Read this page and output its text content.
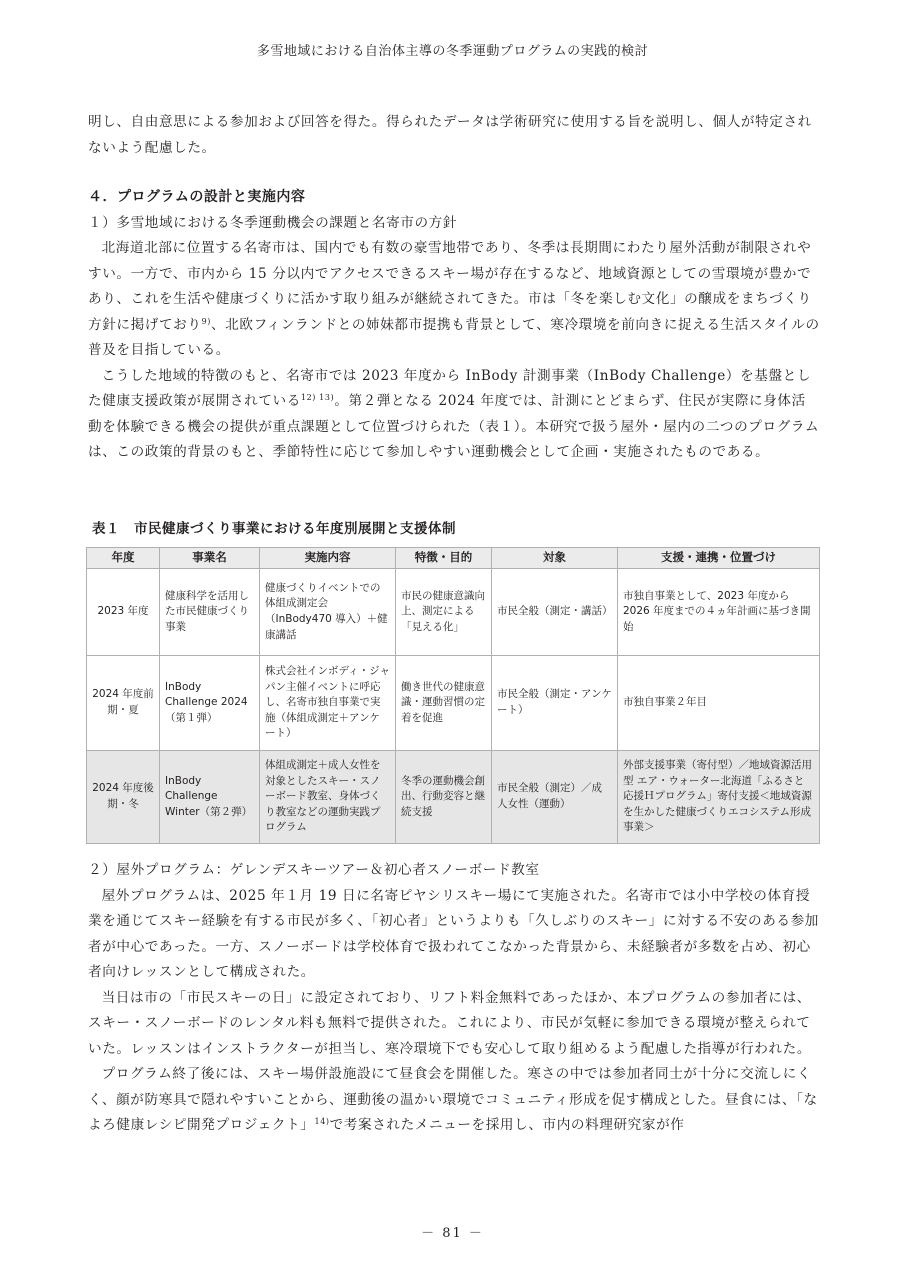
多雪地域における自治体主導の冬季運動プログラムの実践的検討

明し、自由意思による参加および回答を得た。得られたデータは学術研究に使用する旨を説明し、個人が特定されないよう配慮した。

４．プログラムの設計と実施内容

１）多雪地域における冬季運動機会の課題と名寄市の方針

北海道北部に位置する名寄市は、国内でも有数の豪雪地帯であり、冬季は長期間にわたり屋外活動が制限されやすい。一方で、市内から 15 分以内でアクセスできるスキー場が存在するなど、地域資源としての雪環境が豊かであり、これを生活や健康づくりに活かす取り組みが継続されてきた。市は「冬を楽しむ文化」の醸成をまちづくり方針に掲げており$^{9)}$、北欧フィンランドとの姉妹都市提携も背景として、寒冷環境を前向きに捉える生活スタイルの普及を目指している。

こうした地域的特徴のもと、名寄市では 2023 年度から InBody 計測事業（InBody Challenge）を基盤とした健康支援政策が展開されている$^{12) 13)}$。第２弾となる 2024 年度では、計測にとどまらず、住民が実際に身体活動を体験できる機会の提供が重点課題として位置づけられた（表１）。本研究で扱う屋外・屋内の二つのプログラムは、この政策的背景のもと、季節特性に応じて参加しやすい運動機会として企画・実施されたものである。

表１　市民健康づくり事業における年度別展開と支援体制
年度	事業名	実施内容	特徴・目的	対象	支援・連携・位置づけ
2023 年度	健康科学を活用した市民健康づくり事業	健康づくりイベントでの体組成測定会（InBody470 導入）＋健康講話	市民の健康意識向上、測定による「見える化」	市民全般（測定・講話）	市独自事業として、2023 年度から 2026 年度までの４ヵ年計画に基づき開始
2024 年度前期・夏	InBody Challenge 2024（第１弾）	株式会社インボディ・ジャパン主催イベントに呼応し、名寄市独自事業で実施（体組成測定＋アンケート）	働き世代の健康意識・運動習慣の定着を促進	市民全般（測定・アンケート）	市独自事業２年目
2024 年度後期・冬	InBody Challenge Winter（第２弾）	体組成測定＋成人女性を対象としたスキー・スノーボード教室、身体づくり教室などの運動実践プログラム	冬季の運動機会創出、行動変容と継続支援	市民全般（測定）／成人女性（運動）	外部支援事業（寄付型）／地域資源活用型 エア・ウォーター北海道「ふるさと応援Ｈプログラム」寄付支援＜地域資源を生かした健康づくりエコシステム形成事業＞

２）屋外プログラム：ゲレンデスキーツアー＆初心者スノーボード教室

屋外プログラムは、2025 年１月 19 日に名寄ピヤシリスキー場にて実施された。名寄市では小中学校の体育授業を通じてスキー経験を有する市民が多く、「初心者」というよりも「久しぶりのスキー」に対する不安のある参加者が中心であった。一方、スノーボードは学校体育で扱われてこなかった背景から、未経験者が多数を占め、初心者向けレッスンとして構成された。

当日は市の「市民スキーの日」に設定されており、リフト料金無料であったほか、本プログラムの参加者には、スキー・スノーボードのレンタル料も無料で提供された。これにより、市民が気軽に参加できる環境が整えられていた。レッスンはインストラクターが担当し、寒冷環境下でも安心して取り組めるよう配慮した指導が行われた。

プログラム終了後には、スキー場併設施設にて昼食会を開催した。寒さの中では参加者同士が十分に交流しにくく、顔が防寒具で隠れやすいことから、運動後の温かい環境でコミュニティ形成を促す構成とした。昼食には、「なよろ健康レシピ開発プロジェクト」$^{14)}$で考案されたメニューを採用し、市内の料理研究家が作

－ 81 －
